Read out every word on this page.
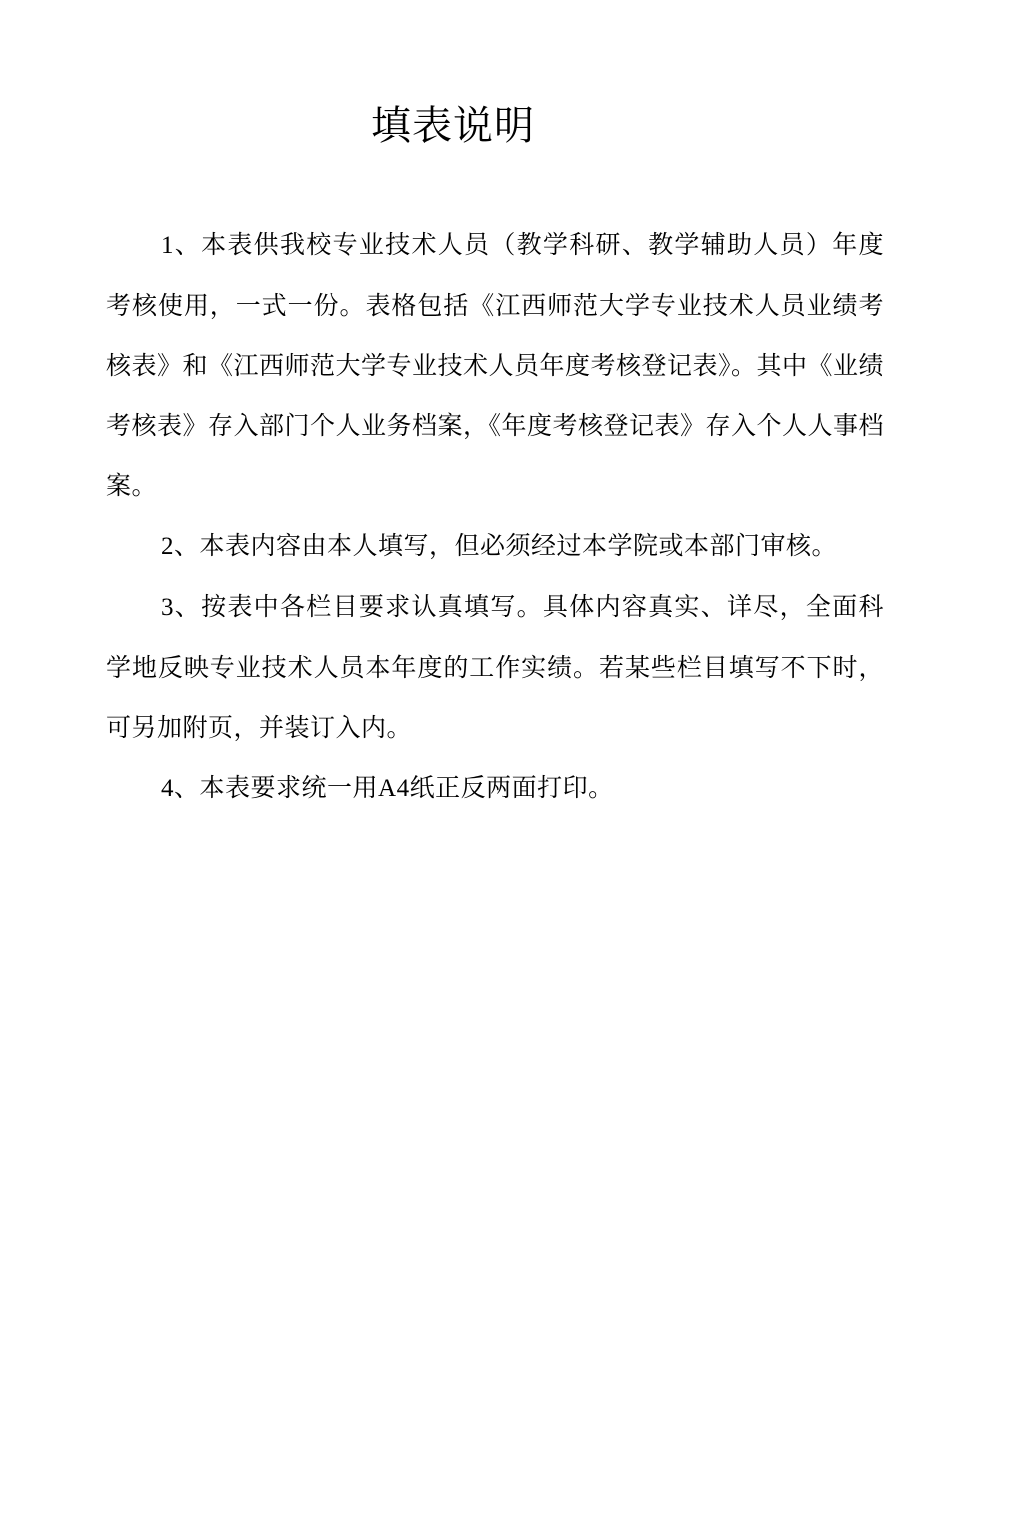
填表说明

1、本表供我校专业技术人员（教学科研、教学辅助人员）年度考核使用，一式一份。表格包括《江西师范大学专业技术人员业绩考核表》和《江西师范大学专业技术人员年度考核登记表》。其中《业绩考核表》存入部门个人业务档案，《年度考核登记表》存入个人人事档案。

2、本表内容由本人填写，但必须经过本学院或本部门审核。

3、按表中各栏目要求认真填写。具体内容真实、详尽，全面科学地反映专业技术人员本年度的工作实绩。若某些栏目填写不下时，可另加附页，并装订入内。

4、本表要求统一用A4纸正反两面打印。
